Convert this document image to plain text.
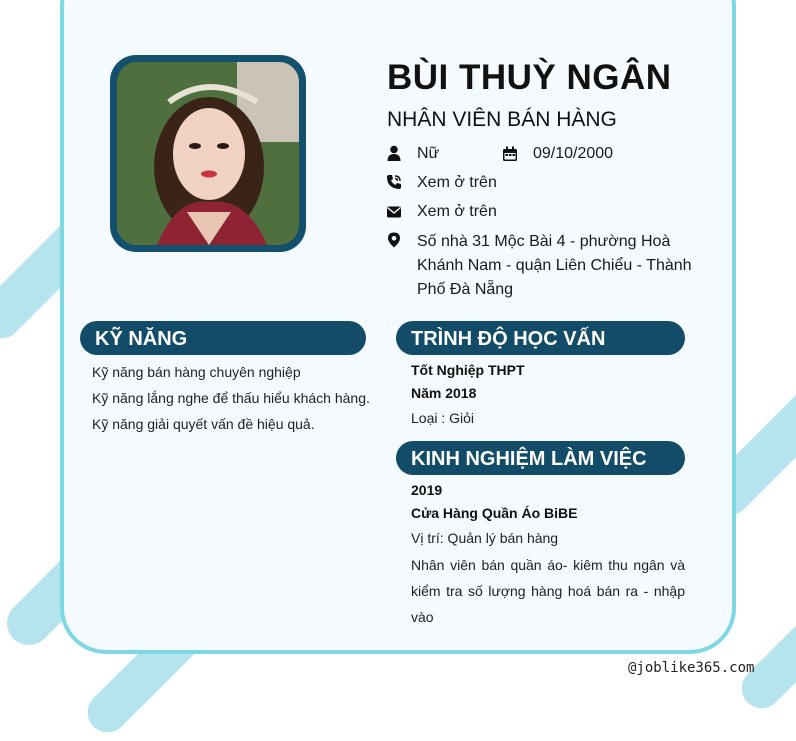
BÙI THUỲ NGÂN
NHÂN VIÊN BÁN HÀNG
Nữ	09/10/2000
Xem ở trên
Xem ở trên
Số nhà 31 Mộc Bài 4 - phường Hoà Khánh Nam - quận Liên Chiểu - Thành Phố Đà Nẵng
KỸ NĂNG
Kỹ năng bán hàng chuyên nghiệp
Kỹ năng lắng nghe để thấu hiểu khách hàng.
Kỹ năng giải quyết vấn đề hiệu quả.
TRÌNH ĐỘ HỌC VẤN
Tốt Nghiệp THPT
Năm 2018
Loại : Giỏi
KINH NGHIỆM LÀM VIỆC
2019
Cửa Hàng Quần Áo BiBE
Vị trí: Quản lý bán hàng
Nhân viên bán quần áo- kiêm thu ngân và kiểm tra số lượng hàng hoá bán ra - nhập vào
@joblike365.com
